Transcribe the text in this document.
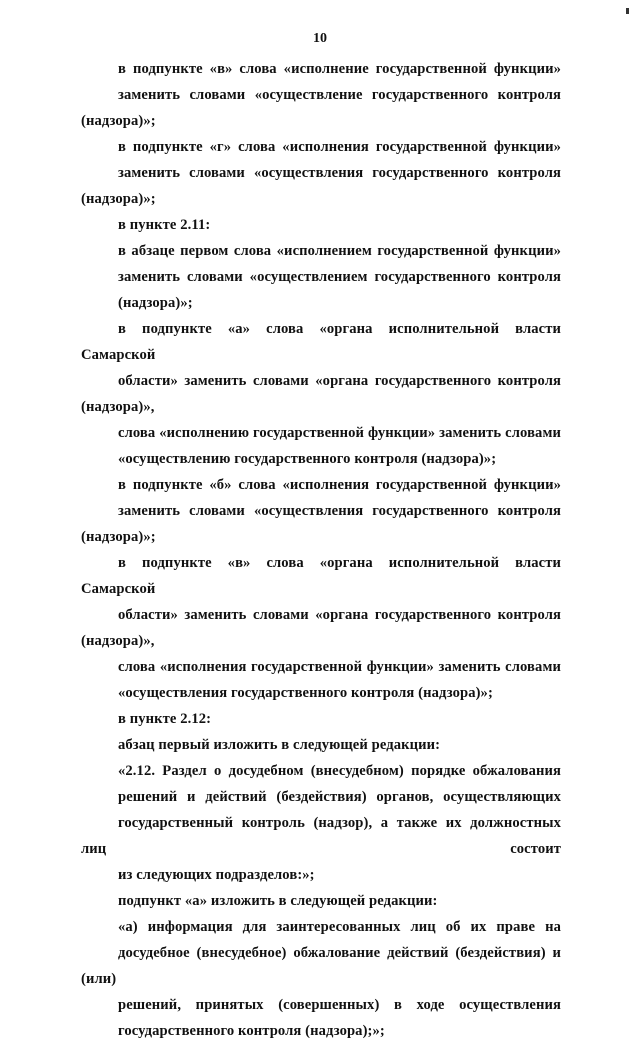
10

в подпункте «в» слова «исполнение государственной функции»
заменить словами «осуществление государственного контроля (надзора)»;

в подпункте «г» слова «исполнения государственной функции»
заменить словами «осуществления государственного контроля (надзора)»;

в пункте 2.11:

в абзаце первом слова «исполнением государственной функции»
заменить словами «осуществлением государственного контроля
(надзора)»;

в подпункте «а» слова «органа исполнительной власти Самарской
области» заменить словами «органа государственного контроля (надзора)»,
слова «исполнению государственной функции» заменить словами
«осуществлению государственного контроля (надзора)»;

в подпункте «б» слова «исполнения государственной функции»
заменить словами «осуществления государственного контроля (надзора)»;

в подпункте «в» слова «органа исполнительной власти Самарской
области» заменить словами «органа государственного контроля (надзора)»,
слова «исполнения государственной функции» заменить словами
«осуществления государственного контроля (надзора)»;

в пункте 2.12:

абзац первый изложить в следующей редакции:

«2.12. Раздел о досудебном (внесудебном) порядке обжалования
решений и действий (бездействия) органов, осуществляющих
государственный контроль (надзор), а также их должностных лиц состоит
из следующих подразделов:»;

подпункт «а» изложить в следующей редакции:

«а) информация для заинтересованных лиц об их праве на
досудебное (внесудебное) обжалование действий (бездействия) и (или)
решений, принятых (совершенных) в ходе осуществления
государственного контроля (надзора);»;
